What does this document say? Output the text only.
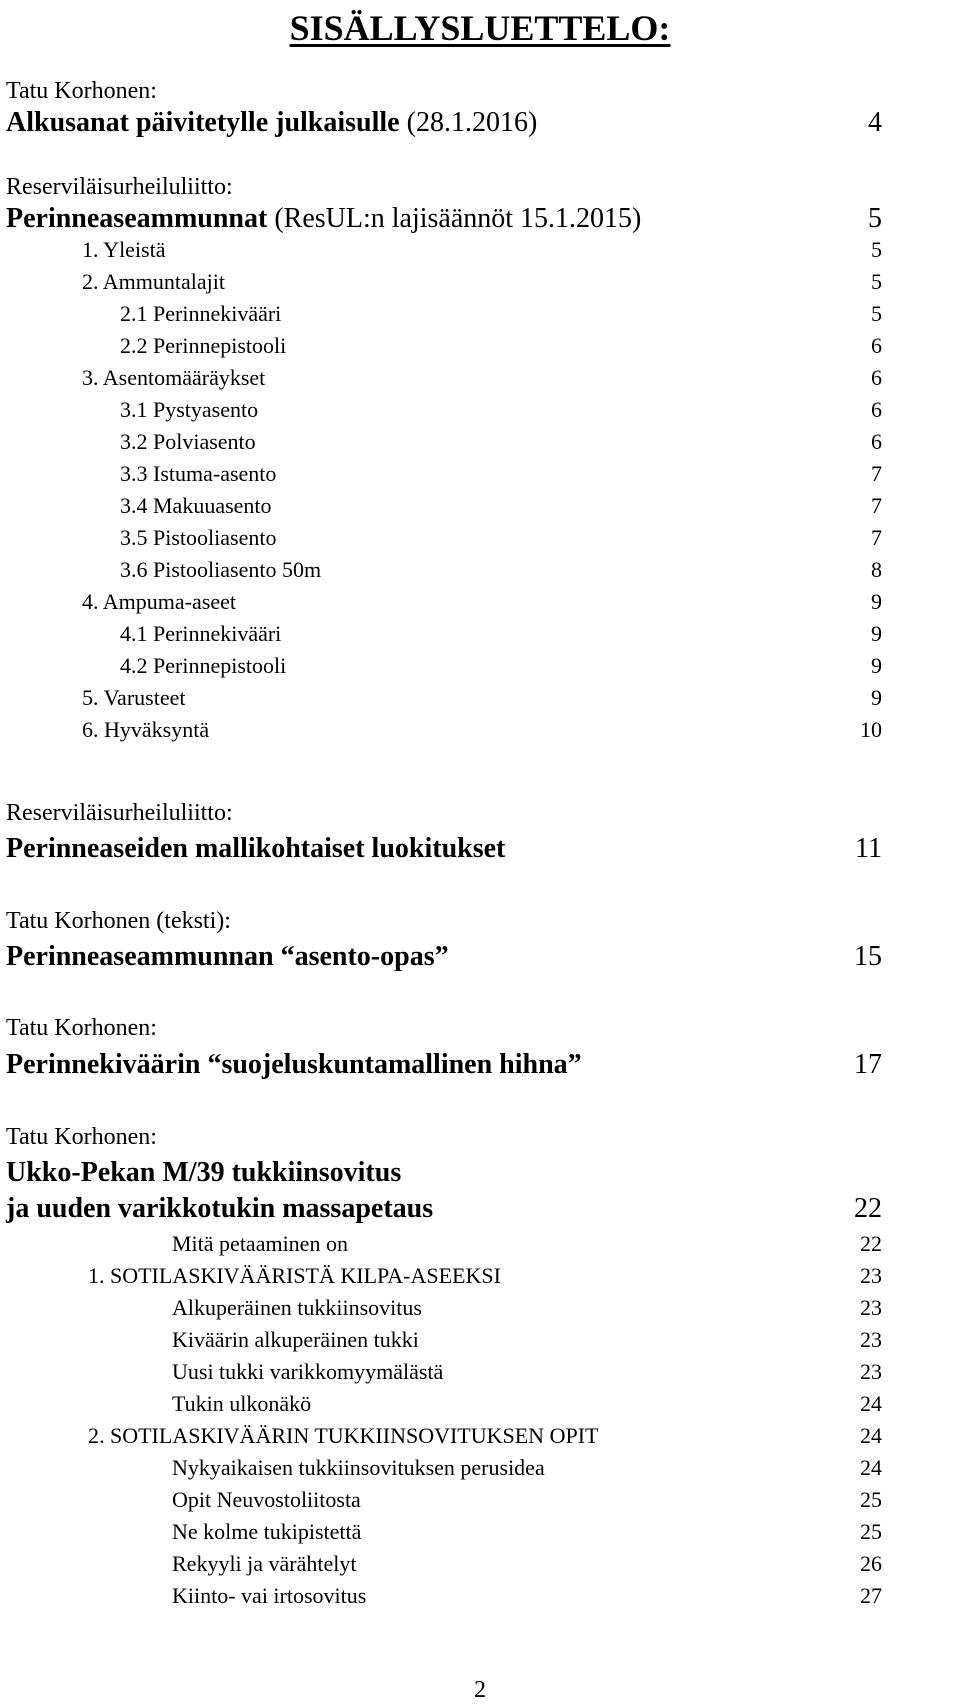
SISÄLLYSLUETTELO:
Tatu Korhonen:
Alkusanat päivitetylle julkaisulle (28.1.2016)	4
Reserviläisurheiluliitto:
Perinneaseammunnat (ResUL:n lajisäännöt 15.1.2015)	5
1. Yleistä	5
2. Ammuntalajit	5
2.1 Perinnekivääri	5
2.2 Perinnepistooli	6
3. Asentomääräykset	6
3.1 Pystyasento	6
3.2 Polviasento	6
3.3 Istuma-asento	7
3.4 Makuuasento	7
3.5 Pistooliasento	7
3.6 Pistooliasento 50m	8
4. Ampuma-aseet	9
4.1 Perinnekivääri	9
4.2 Perinnepistooli	9
5. Varusteet	9
6. Hyväksyntä	10
Reserviläisurheiluliitto:
Perinneaseiden mallikohtaiset luokitukset	11
Tatu Korhonen (teksti):
Perinneaseammunnan “asento-opas”	15
Tatu Korhonen:
Perinnekiväärin “suojeluskuntamallinen hihna”	17
Tatu Korhonen:
Ukko-Pekan M/39 tukkiinsovitus
ja uuden varikkotukin massapetaus	22
Mitä petaaminen on	22
1. SOTILASKIVÄÄRISTÄ KILPA-ASEEKSI	23
Alkuperäinen tukkiinsovitus	23
Kiväärin alkuperäinen tukki	23
Uusi tukki varikkomyymälästä	23
Tukin ulkonäkö	24
2. SOTILASKIVÄÄRIN TUKKIINSOVITUKSEN OPIT	24
Nykyaikaisen tukkiinsovituksen perusidea	24
Opit Neuvostoliitosta	25
Ne kolme tukipistettä	25
Rekyyli ja värähtelyt	26
Kiinto- vai irtosovitus	27
2
